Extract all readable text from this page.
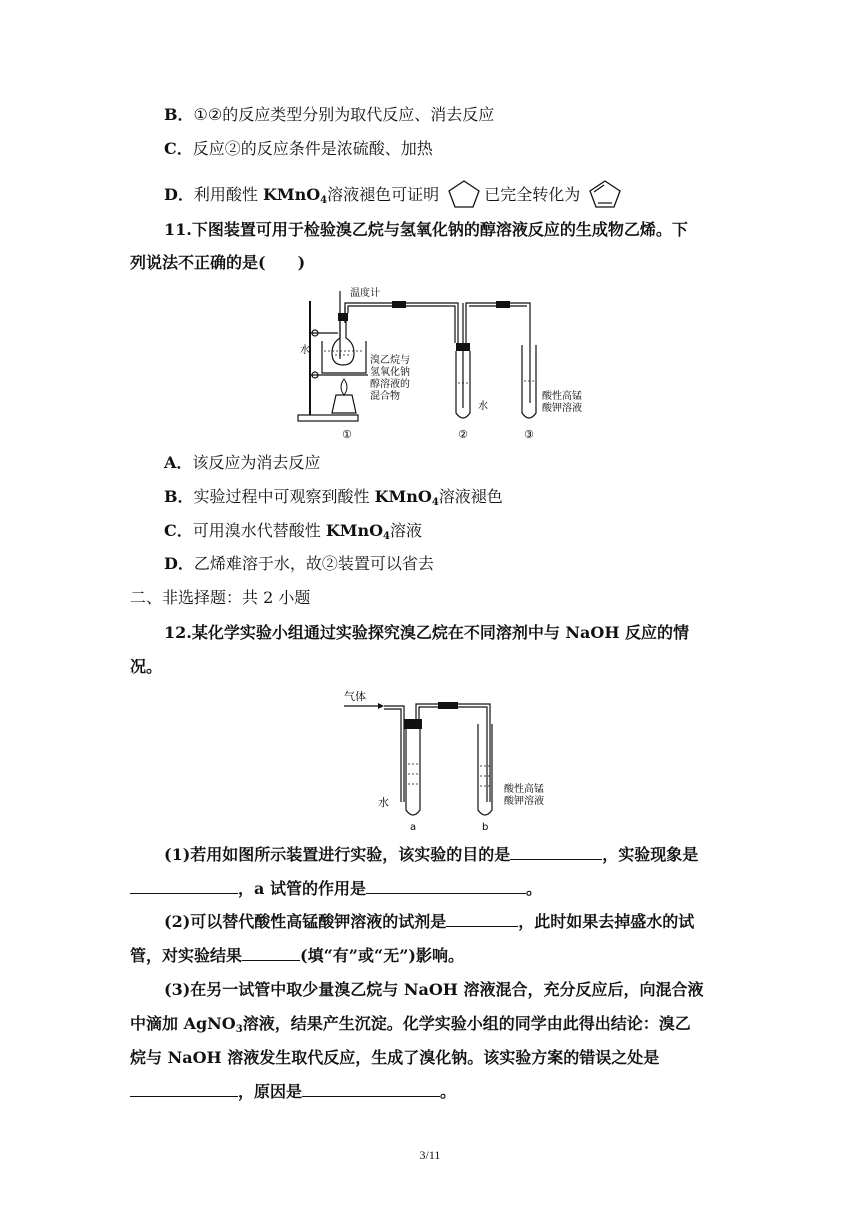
B．①②的反应类型分别为取代反应、消去反应
C．反应②的反应条件是浓硫酸、加热
D．利用酸性 KMnO$_4$溶液褪色可证明	已完全转化为
11.下图装置可用于检验溴乙烷与氢氧化钠的醇溶液反应的生成物乙烯。下
列说法不正确的是(　　)
温度计
水
溴乙烷与
氢氧化钠
醇溶液的
混合物
水
酸性高锰
酸钾溶液
①	②	③
A．该反应为消去反应
B．实验过程中可观察到酸性 KMnO$_4$溶液褪色
C．可用溴水代替酸性 KMnO$_4$溶液
D．乙烯难溶于水，故②装置可以省去
二、非选择题：共 2 小题
12.某化学实验小组通过实验探究溴乙烷在不同溶剂中与 NaOH 反应的情
况。
气体
水
酸性高锰
酸钾溶液
a	b
(1)若用如图所示装置进行实验，该实验的目的是	，实验现象是
，a 试管的作用是	。
(2)可以替代酸性高锰酸钾溶液的试剂是	，此时如果去掉盛水的试
管，对实验结果	(填“有”或“无”)影响。
(3)在另一试管中取少量溴乙烷与 NaOH 溶液混合，充分反应后，向混合液
中滴加 AgNO$_3$溶液，结果产生沉淀。化学实验小组的同学由此得出结论：溴乙
烷与 NaOH 溶液发生取代反应，生成了溴化钠。该实验方案的错误之处是
，原因是	。
3/11
